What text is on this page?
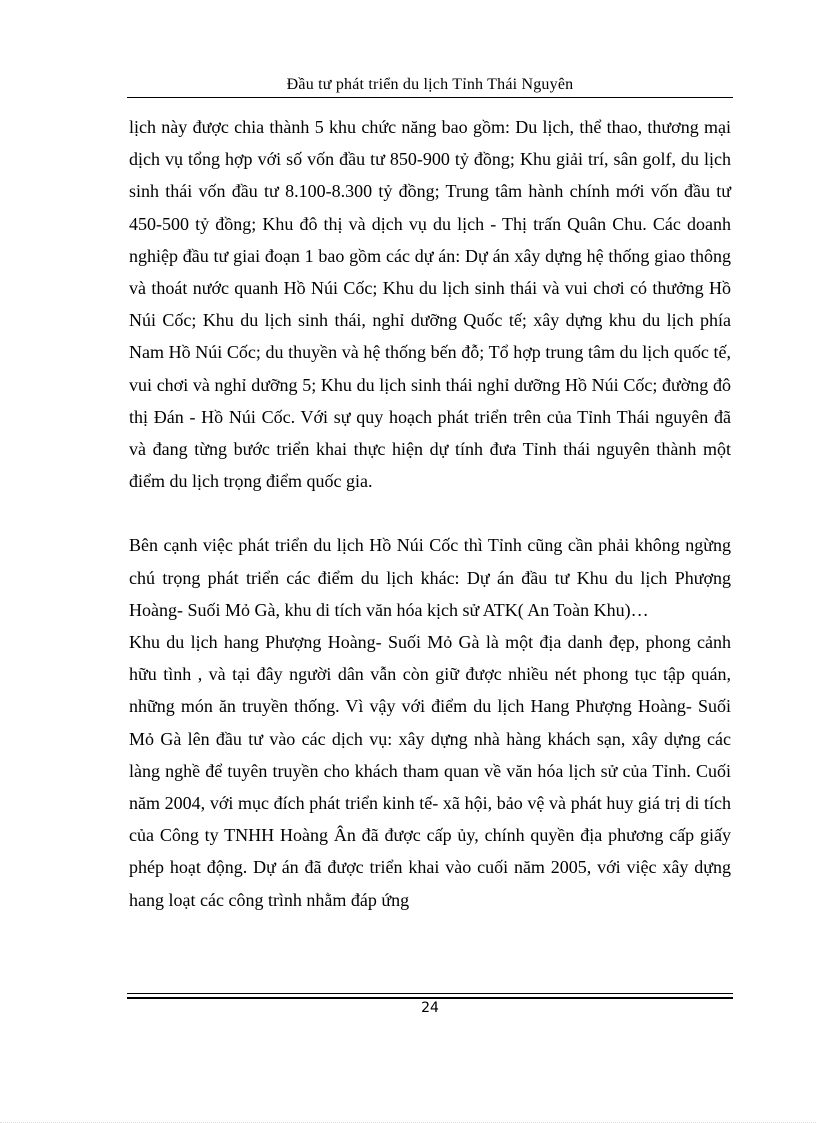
Đầu tư phát triển du lịch Tỉnh Thái Nguyên

lịch này được chia thành 5 khu chức năng bao gồm: Du lịch, thể thao, thương mại dịch vụ tổng hợp với số vốn đầu tư 850-900 tỷ đồng; Khu giải trí, sân golf, du lịch sinh thái vốn đầu tư 8.100-8.300 tỷ đồng; Trung tâm hành chính mới vốn đầu tư 450-500 tỷ đồng; Khu đô thị và dịch vụ du lịch - Thị trấn Quân Chu. Các doanh nghiệp đầu tư giai đoạn 1 bao gồm các dự án: Dự án xây dựng hệ thống giao thông và thoát nước quanh Hồ Núi Cốc; Khu du lịch sinh thái và vui chơi có thưởng Hồ Núi Cốc; Khu du lịch sinh thái, nghỉ dưỡng Quốc tế; xây dựng khu du lịch phía Nam Hồ Núi Cốc; du thuyền và hệ thống bến đỗ; Tổ hợp trung tâm du lịch quốc tế, vui chơi và nghỉ dưỡng 5; Khu du lịch sinh thái nghỉ dưỡng Hồ Núi Cốc; đường đô thị Đán - Hồ Núi Cốc. Với sự quy hoạch phát triển trên của Tỉnh Thái nguyên đã và đang từng bước triển khai thực hiện dự tính đưa Tỉnh thái nguyên thành một điểm du lịch trọng điểm quốc gia.

Bên cạnh việc phát triển du lịch Hồ Núi Cốc thì Tỉnh cũng cần phải không ngừng chú trọng phát triển các điểm du lịch khác: Dự án đầu tư Khu du lịch Phượng Hoàng- Suối Mỏ Gà, khu di tích văn hóa kịch sử ATK( An Toàn Khu)…

Khu du lịch hang Phượng Hoàng- Suối Mỏ Gà là một địa danh đẹp, phong cảnh hữu tình , và tại đây người dân vẫn còn giữ được nhiều nét phong tục tập quán, những món ăn truyền thống. Vì vậy với điểm du lịch Hang Phượng Hoàng- Suối Mỏ Gà lên đầu tư vào các dịch vụ: xây dựng nhà hàng khách sạn, xây dựng các làng nghề để tuyên truyền cho khách tham quan về văn hóa lịch sử của Tỉnh. Cuối năm 2004, với mục đích phát triển kinh tế- xã hội, bảo vệ và phát huy giá trị di tích của Công ty TNHH Hoàng Ân đã được cấp ủy, chính quyền địa phương cấp giấy phép hoạt động. Dự án đã được triển khai vào cuối năm 2005, với việc xây dựng hang loạt các công trình nhằm đáp ứng

24
